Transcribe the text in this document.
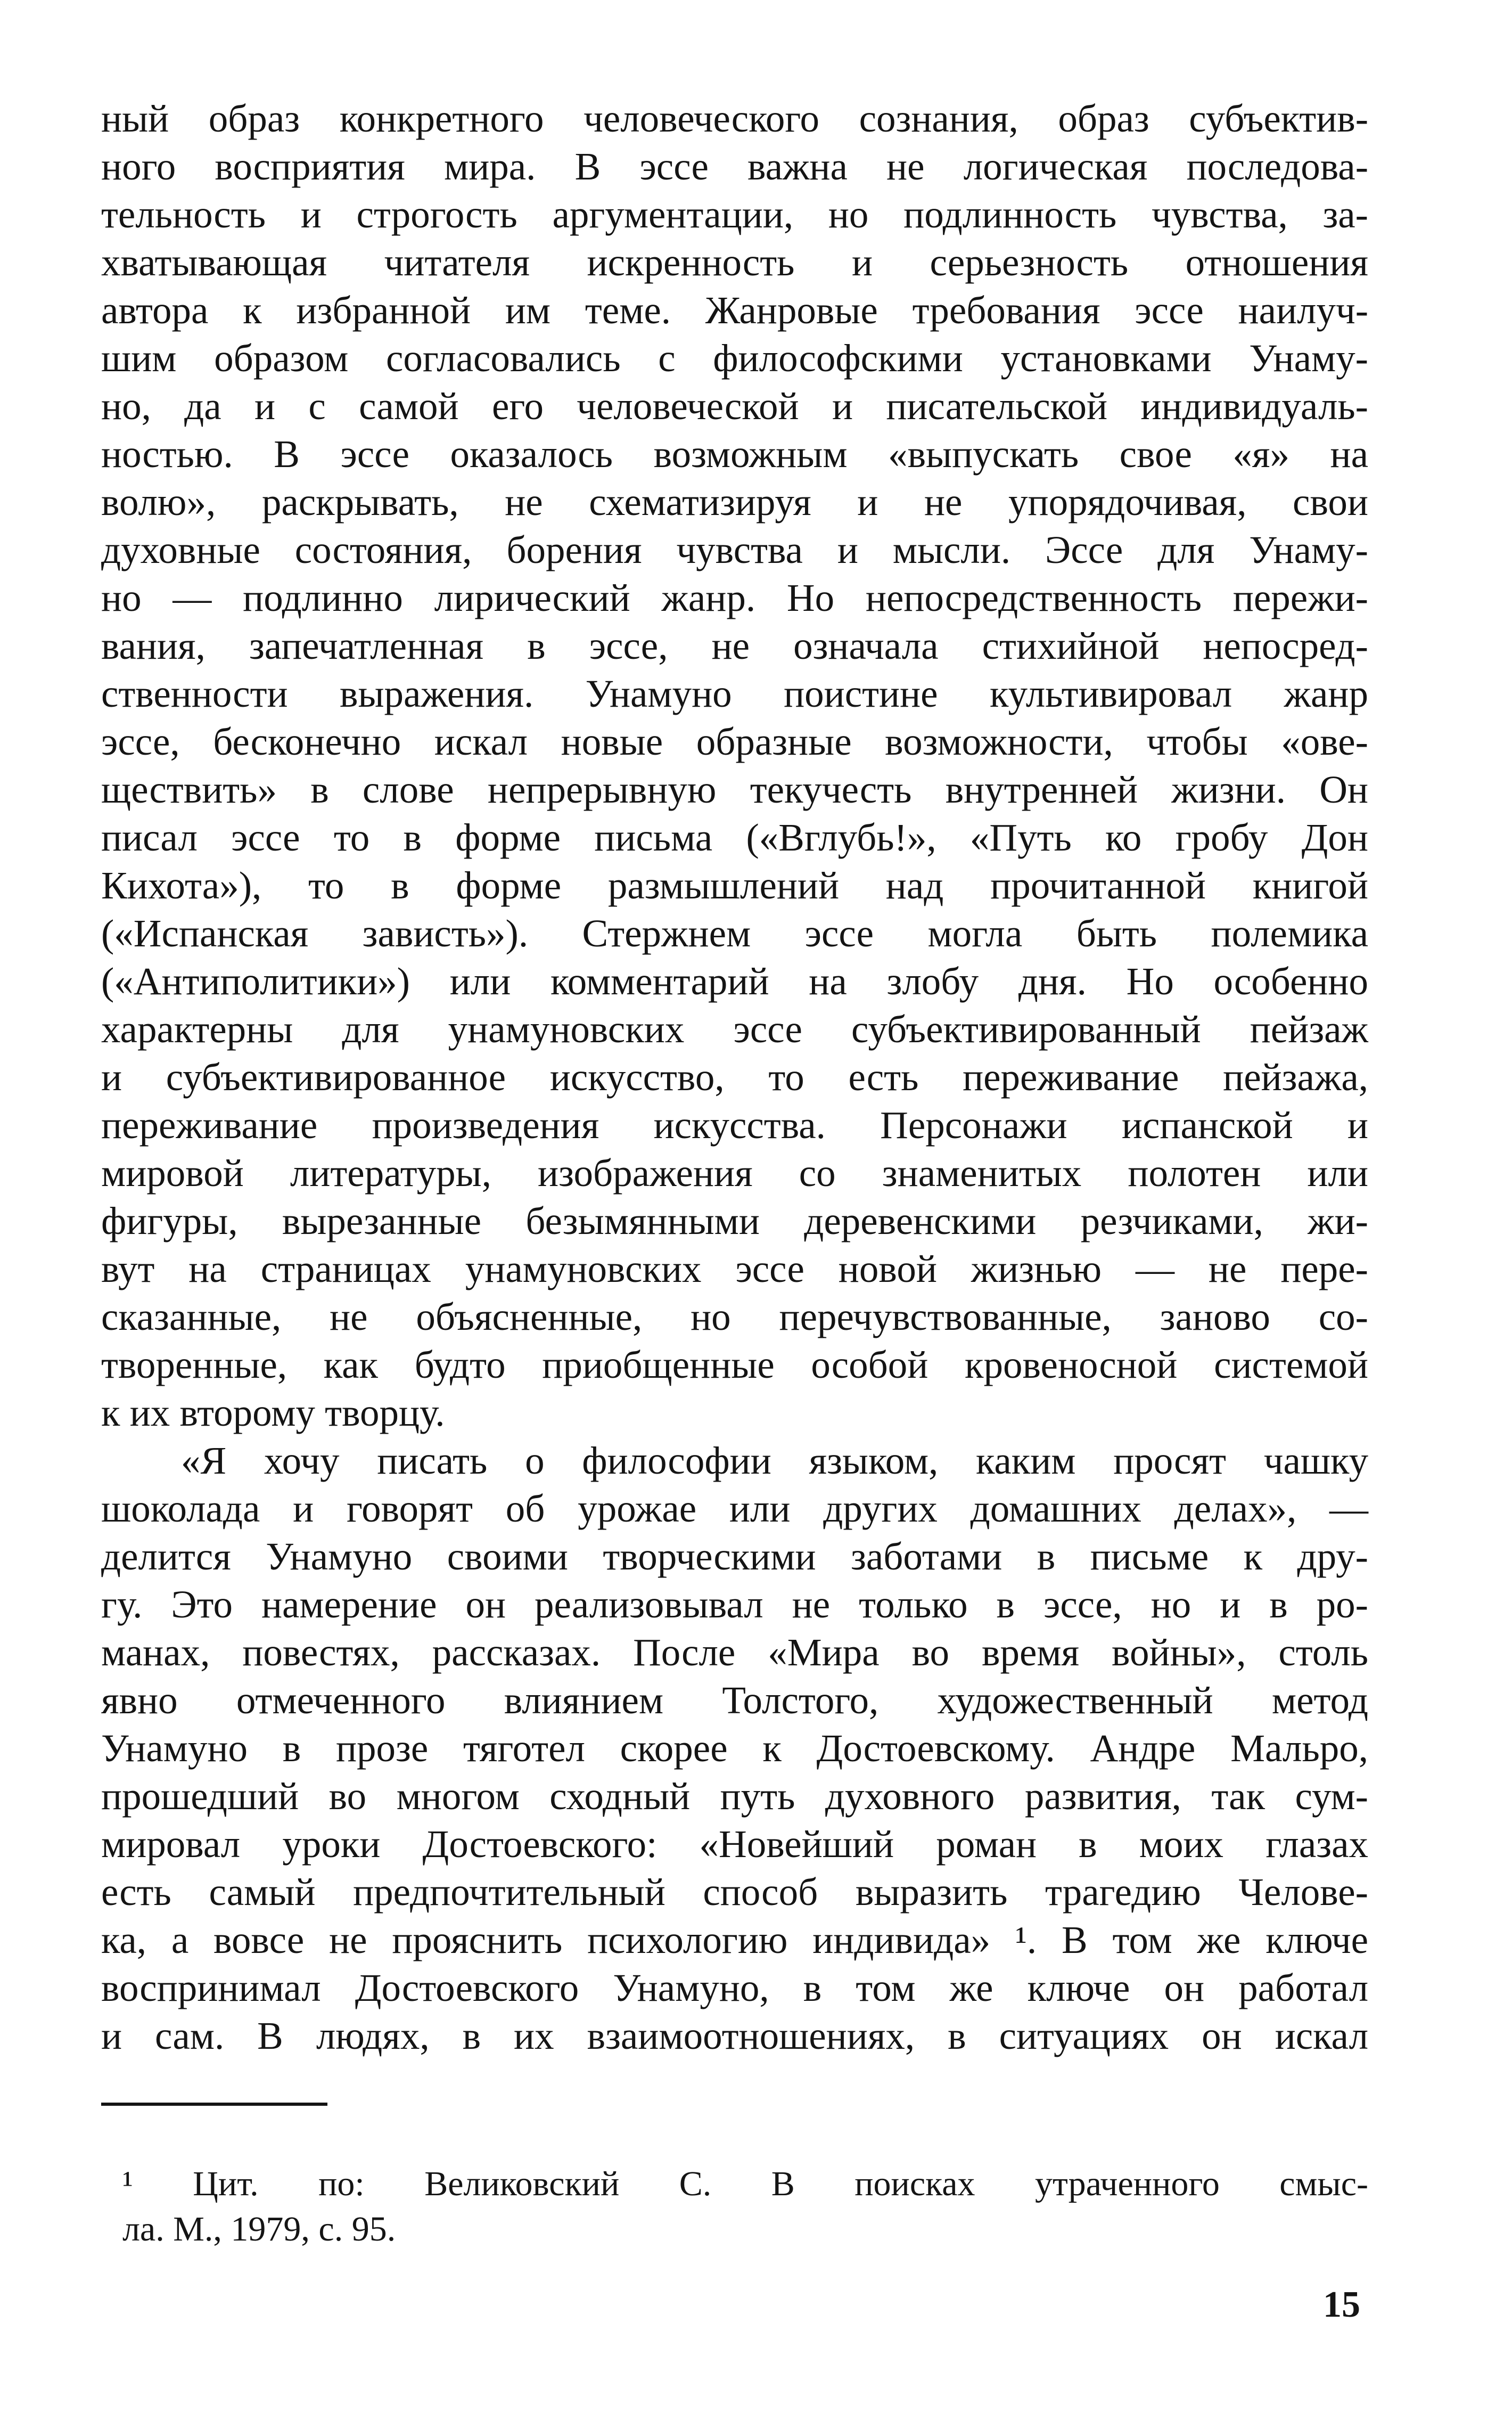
ный образ конкретного человеческого сознания, образ субъектив-
ного восприятия мира. В эссе важна не логическая последова-
тельность и строгость аргументации, но подлинность чувства, за-
хватывающая читателя искренность и серьезность отношения
автора к избранной им теме. Жанровые требования эссе наилуч-
шим образом согласовались с философскими установками Унаму-
но, да и с самой его человеческой и писательской индивидуаль-
ностью. В эссе оказалось возможным «выпускать свое «я» на
волю», раскрывать, не схематизируя и не упорядочивая, свои
духовные состояния, борения чувства и мысли. Эссе для Унаму-
но — подлинно лирический жанр. Но непосредственность пережи-
вания, запечатленная в эссе, не означала стихийной непосред-
ственности выражения. Унамуно поистине культивировал жанр
эссе, бесконечно искал новые образные возможности, чтобы «ове-
ществить» в слове непрерывную текучесть внутренней жизни. Он
писал эссе то в форме письма («Вглубь!», «Путь ко гробу Дон
Кихота»), то в форме размышлений над прочитанной книгой
(«Испанская зависть»). Стержнем эссе могла быть полемика
(«Антиполитики») или комментарий на злобу дня. Но особенно
характерны для унамуновских эссе субъективированный пейзаж
и субъективированное искусство, то есть переживание пейзажа,
переживание произведения искусства. Персонажи испанской и
мировой литературы, изображения со знаменитых полотен или
фигуры, вырезанные безымянными деревенскими резчиками, жи-
вут на страницах унамуновских эссе новой жизнью — не пере-
сказанные, не объясненные, но перечувствованные, заново со-
творенные, как будто приобщенные особой кровеносной системой
к их второму творцу.
«Я хочу писать о философии языком, каким просят чашку
шоколада и говорят об урожае или других домашних делах», —
делится Унамуно своими творческими заботами в письме к дру-
гу. Это намерение он реализовывал не только в эссе, но и в ро-
манах, повестях, рассказах. После «Мира во время войны», столь
явно отмеченного влиянием Толстого, художественный метод
Унамуно в прозе тяготел скорее к Достоевскому. Андре Мальро,
прошедший во многом сходный путь духовного развития, так сум-
мировал уроки Достоевского: «Новейший роман в моих глазах
есть самый предпочтительный способ выразить трагедию Челове-
ка, а вовсе не прояснить психологию индивида» ¹. В том же ключе
воспринимал Достоевского Унамуно, в том же ключе он работал
и сам. В людях, в их взаимоотношениях, в ситуациях он искал
¹ Цит. по: Великовский С. В поисках утраченного смыс-
ла. М., 1979, с. 95.
15
